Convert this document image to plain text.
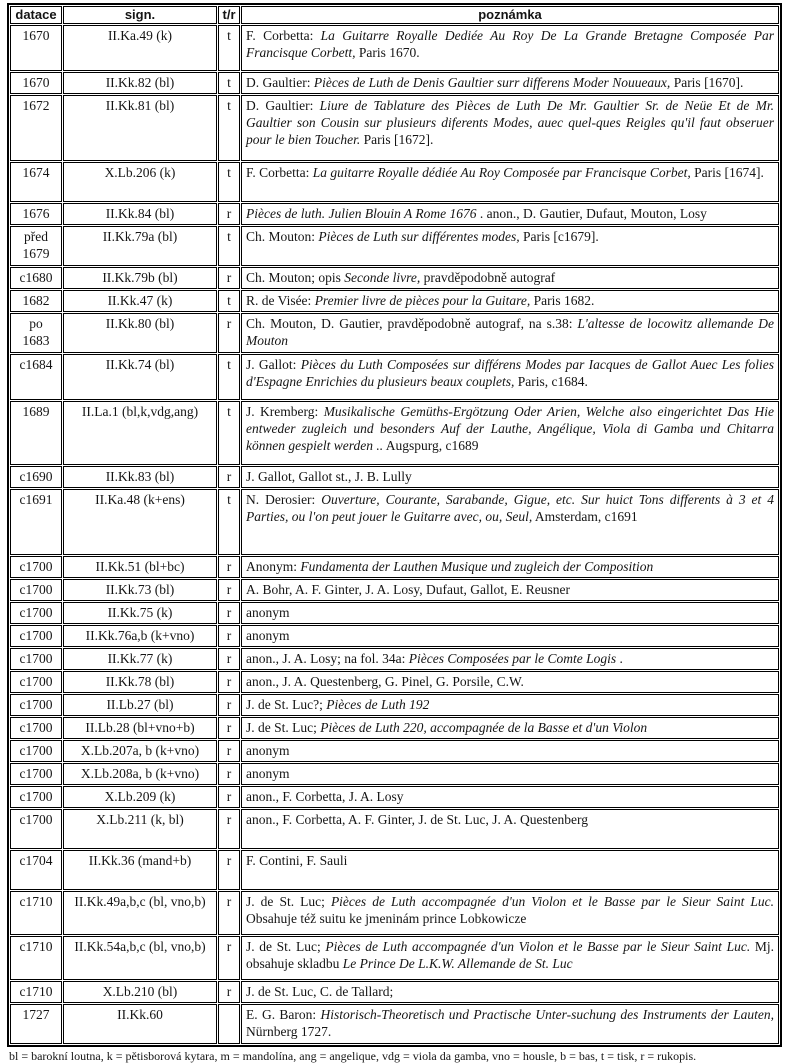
datace	sign.	t/r	poznámka
1670	II.Ka.49 (k)	t	F. Corbetta: La Guitarre Royalle Dediée Au Roy De La Grande Bretagne Composée Par Francisque Corbett, Paris 1670.
1670	II.Kk.82 (bl)	t	D. Gaultier: Pièces de Luth de Denis Gaultier surr differens Moder Nouueaux, Paris [1670].
1672	II.Kk.81 (bl)	t	D. Gaultier: Liure de Tablature des Pièces de Luth De Mr. Gaultier Sr. de Neüe Et de Mr. Gaultier son Cousin sur plusieurs diferents Modes, auec quel-ques Reigles qu'il faut obseruer pour le bien Toucher. Paris [1672].
1674	X.Lb.206 (k)	t	F. Corbetta: La guitarre Royalle dédiée Au Roy Composée par Francisque Corbet, Paris [1674].
1676	II.Kk.84 (bl)	r	Pièces de luth. Julien Blouin A Rome 1676 . anon., D. Gautier, Dufaut, Mouton, Losy
před 1679	II.Kk.79a (bl)	t	Ch. Mouton: Pièces de Luth sur différentes modes, Paris [c1679].
c1680	II.Kk.79b (bl)	r	Ch. Mouton; opis Seconde livre, pravděpodobně autograf
1682	II.Kk.47 (k)	t	R. de Visée: Premier livre de pièces pour la Guitare, Paris 1682.
po 1683	II.Kk.80 (bl)	r	Ch. Mouton, D. Gautier, pravděpodobně autograf, na s.38: L'altesse de locowitz allemande De Mouton
c1684	II.Kk.74 (bl)	t	J. Gallot: Pièces du Luth Composées sur différens Modes par Iacques de Gallot Auec Les folies d'Espagne Enrichies du plusieurs beaux couplets, Paris, c1684.
1689	II.La.1 (bl,k,vdg,ang)	t	J. Kremberg: Musikalische Gemüths-Ergötzung Oder Arien, Welche also eingerichtet Das Hie entweder zugleich und besonders Auf der Lauthe, Angélique, Viola di Gamba und Chitarra können gespielt werden .. Augspurg, c1689
c1690	II.Kk.83 (bl)	r	J. Gallot, Gallot st., J. B. Lully
c1691	II.Ka.48 (k+ens)	t	N. Derosier: Ouverture, Courante, Sarabande, Gigue, etc. Sur huict Tons differents à 3 et 4 Parties, ou l'on peut jouer le Guitarre avec, ou, Seul, Amsterdam, c1691
c1700	II.Kk.51 (bl+bc)	r	Anonym: Fundamenta der Lauthen Musique und zugleich der Composition
c1700	II.Kk.73 (bl)	r	A. Bohr, A. F. Ginter, J. A. Losy, Dufaut, Gallot, E. Reusner
c1700	II.Kk.75 (k)	r	anonym
c1700	II.Kk.76a,b (k+vno)	r	anonym
c1700	II.Kk.77 (k)	r	anon., J. A. Losy; na fol. 34a: Pièces Composées par le Comte Logis .
c1700	II.Kk.78 (bl)	r	anon., J. A. Questenberg, G. Pinel, G. Porsile, C.W.
c1700	II.Lb.27 (bl)	r	J. de St. Luc?; Pièces de Luth 192
c1700	II.Lb.28 (bl+vno+b)	r	J. de St. Luc; Pièces de Luth 220, accompagnée de la Basse et d'un Violon
c1700	X.Lb.207a, b (k+vno)	r	anonym
c1700	X.Lb.208a, b (k+vno)	r	anonym
c1700	X.Lb.209 (k)	r	anon., F. Corbetta, J. A. Losy
c1700	X.Lb.211 (k, bl)	r	anon., F. Corbetta, A. F. Ginter, J. de St. Luc, J. A. Questenberg
c1704	II.Kk.36 (mand+b)	r	F. Contini, F. Sauli
c1710	II.Kk.49a,b,c (bl, vno,b)	r	J. de St. Luc; Pièces de Luth accompagnée d'un Violon et le Basse par le Sieur Saint Luc. Obsahuje též suitu ke jmeninám prince Lobkowicze
c1710	II.Kk.54a,b,c (bl, vno,b)	r	J. de St. Luc; Pièces de Luth accompagnée d'un Violon et le Basse par le Sieur Saint Luc. Mj. obsahuje skladbu Le Prince De L.K.W. Allemande de St. Luc
c1710	X.Lb.210 (bl)	r	J. de St. Luc, C. de Tallard;
1727	II.Kk.60		E. G. Baron: Historisch-Theoretisch und Practische Unter-suchung des Instruments der Lauten, Nürnberg 1727.
bl = barokní loutna, k = pětisborová kytara, m = mandolína, ang = angelique, vdg = viola da gamba, vno = housle, b = bas, t = tisk, r = rukopis.
